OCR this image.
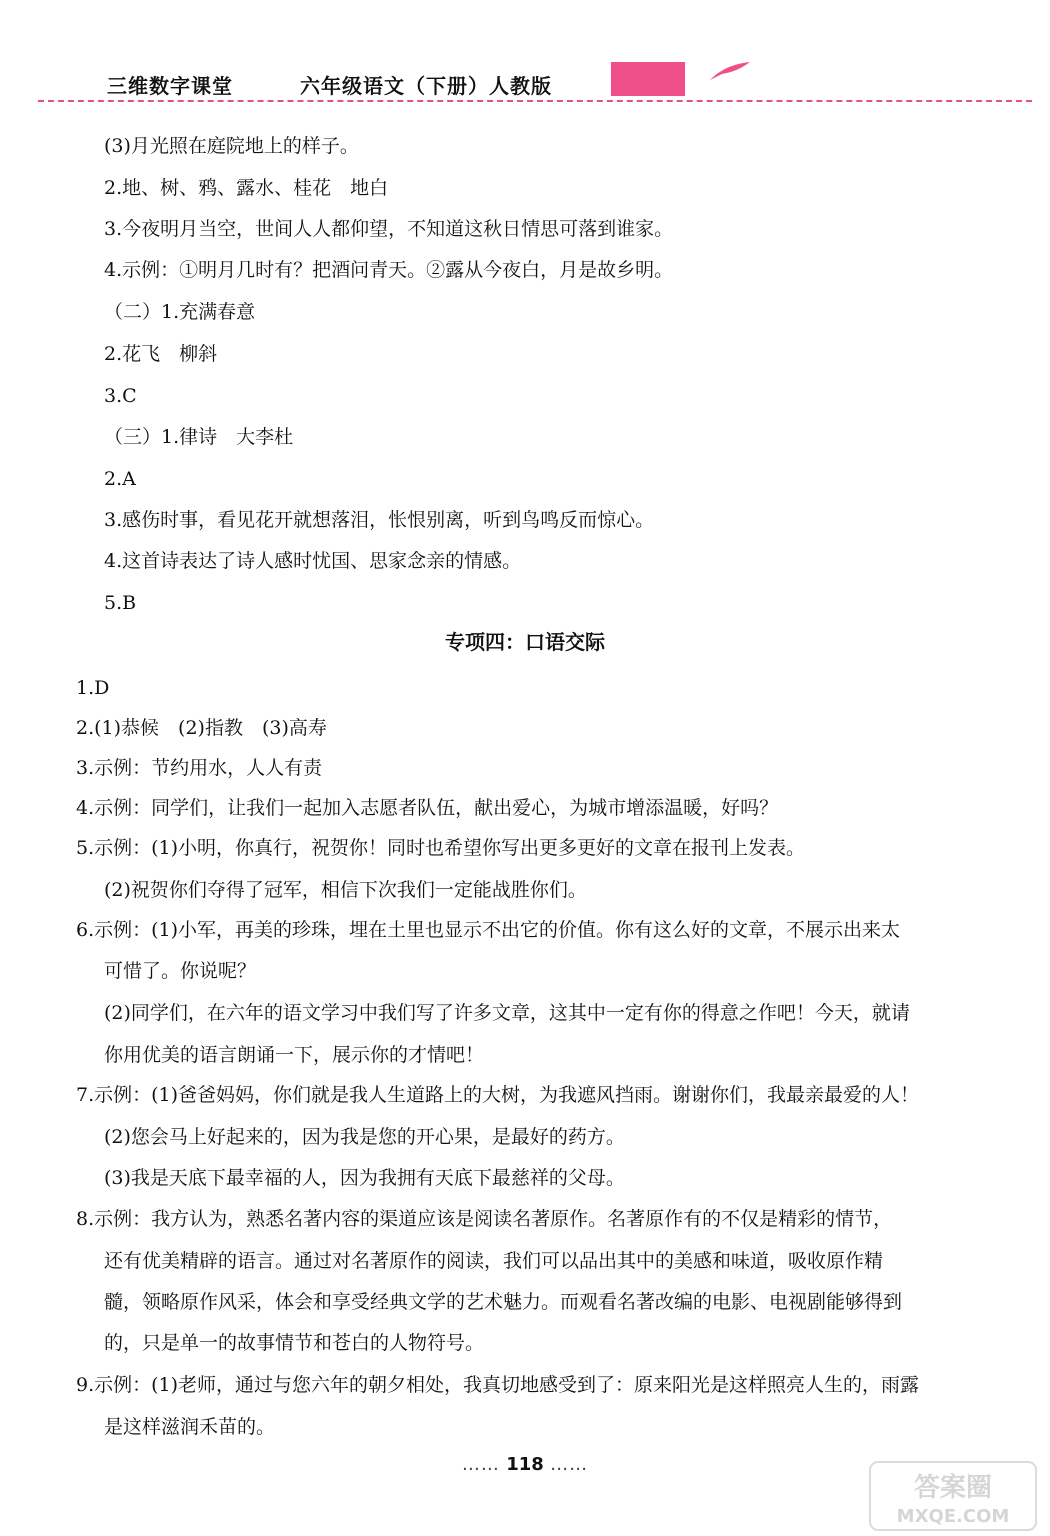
三维数字课堂	六年级语文（下册）人教版
(3)月光照在庭院地上的样子。
2.地、树、鸦、露水、桂花　地白
3.今夜明月当空，世间人人都仰望，不知道这秋日情思可落到谁家。
4.示例：①明月几时有？把酒问青天。②露从今夜白，月是故乡明。
（二）1.充满春意
2.花飞　柳斜
3.C
（三）1.律诗　大李杜
2.A
3.感伤时事，看见花开就想落泪，怅恨别离，听到鸟鸣反而惊心。
4.这首诗表达了诗人感时忧国、思家念亲的情感。
5.B
专项四：口语交际
1.D
2.(1)恭候　(2)指教　(3)高寿
3.示例：节约用水，人人有责
4.示例：同学们，让我们一起加入志愿者队伍，献出爱心，为城市增添温暖，好吗？
5.示例：(1)小明，你真行，祝贺你！同时也希望你写出更多更好的文章在报刊上发表。
(2)祝贺你们夺得了冠军，相信下次我们一定能战胜你们。
6.示例：(1)小军，再美的珍珠，埋在土里也显示不出它的价值。你有这么好的文章，不展示出来太
可惜了。你说呢？
(2)同学们，在六年的语文学习中我们写了许多文章，这其中一定有你的得意之作吧！今天，就请
你用优美的语言朗诵一下，展示你的才情吧！
7.示例：(1)爸爸妈妈，你们就是我人生道路上的大树，为我遮风挡雨。谢谢你们，我最亲最爱的人！
(2)您会马上好起来的，因为我是您的开心果，是最好的药方。
(3)我是天底下最幸福的人，因为我拥有天底下最慈祥的父母。
8.示例：我方认为，熟悉名著内容的渠道应该是阅读名著原作。名著原作有的不仅是精彩的情节，
还有优美精辟的语言。通过对名著原作的阅读，我们可以品出其中的美感和味道，吸收原作精
髓，领略原作风采，体会和享受经典文学的艺术魅力。而观看名著改编的电影、电视剧能够得到
的，只是单一的故事情节和苍白的人物符号。
9.示例：(1)老师，通过与您六年的朝夕相处，我真切地感受到了：原来阳光是这样照亮人生的，雨露
是这样滋润禾苗的。
…… 118 ……
答案圈
MXQE.COM
